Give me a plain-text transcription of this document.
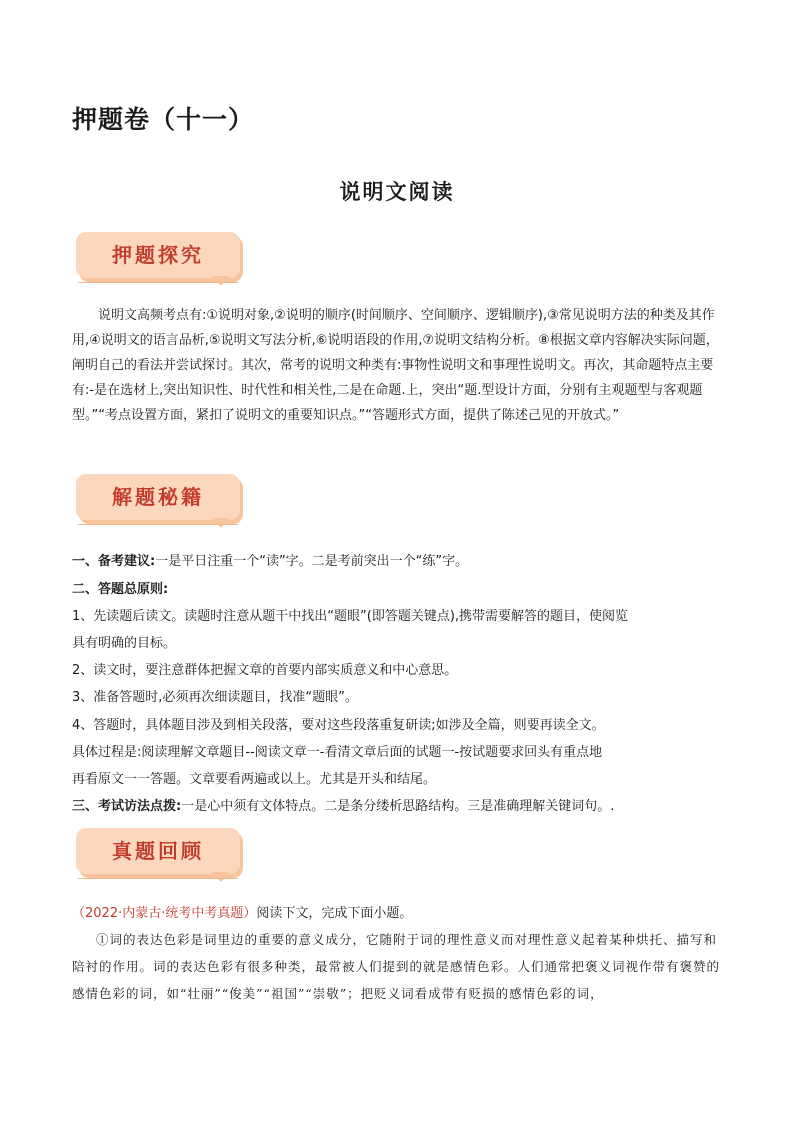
押题卷（十一）
说明文阅读
押题探究

说明文高频考点有:①说明对象,②说明的顺序(时间顺序、空间顺序、逻辑顺序),③常见说明方法的种类及其作用,④说明文的语言品析,⑤说明文写法分析,⑥说明语段的作用,⑦说明文结构分析。⑧根据文章内容解决实际问题，阐明自己的看法并尝试探讨。其次，常考的说明文种类有:事物性说明文和事理性说明文。再次，其命题特点主要有:-是在选材上,突出知识性、时代性和相关性,二是在命题.上，突出“题.型设计方面，分别有主观题型与客观题型。”“考点设置方面，紧扣了说明文的重要知识点。”“答题形式方面，提供了陈述己见的开放式。”

解题秘籍
一、备考建议:一是平日注重一个“读”字。二是考前突出一个“练”字。
二、答题总原则:
1、先读题后读文。读题时注意从题干中找出“题眼”(即答题关键点),携带需要解答的题目，使阅览
具有明确的目标。
2、读文时，要注意群体把握文章的首要内部实质意义和中心意思。
3、准备答题时,必须再次细读题目，找准“题眼”。
4、答题时，具体题目涉及到相关段落，要对这些段落重复研读;如涉及全篇，则要再读全文。
具体过程是:阅读理解文章题目--阅读文章一-看清文章后面的试题一-按试题要求回头有重点地
再看原文一一答题。文章要看两遍或以上。尤其是开头和结尾。
三、考试访法点拨:一是心中须有文体特点。二是条分缕析思路结构。三是准确理解关键词句。.
真题回顾
（2022·内蒙古·统考中考真题）阅读下文，完成下面小题。

①词的表达色彩是词里边的重要的意义成分，它随附于词的理性意义而对理性意义起着某种烘托、描写和陪衬的作用。词的表达色彩有很多种类，最常被人们提到的就是感情色彩。人们通常把褒义词视作带有褒赞的感情色彩的词，如“壮丽”“俊美”“祖国”“崇敬”；把贬义词看成带有贬损的感情色彩的词，
